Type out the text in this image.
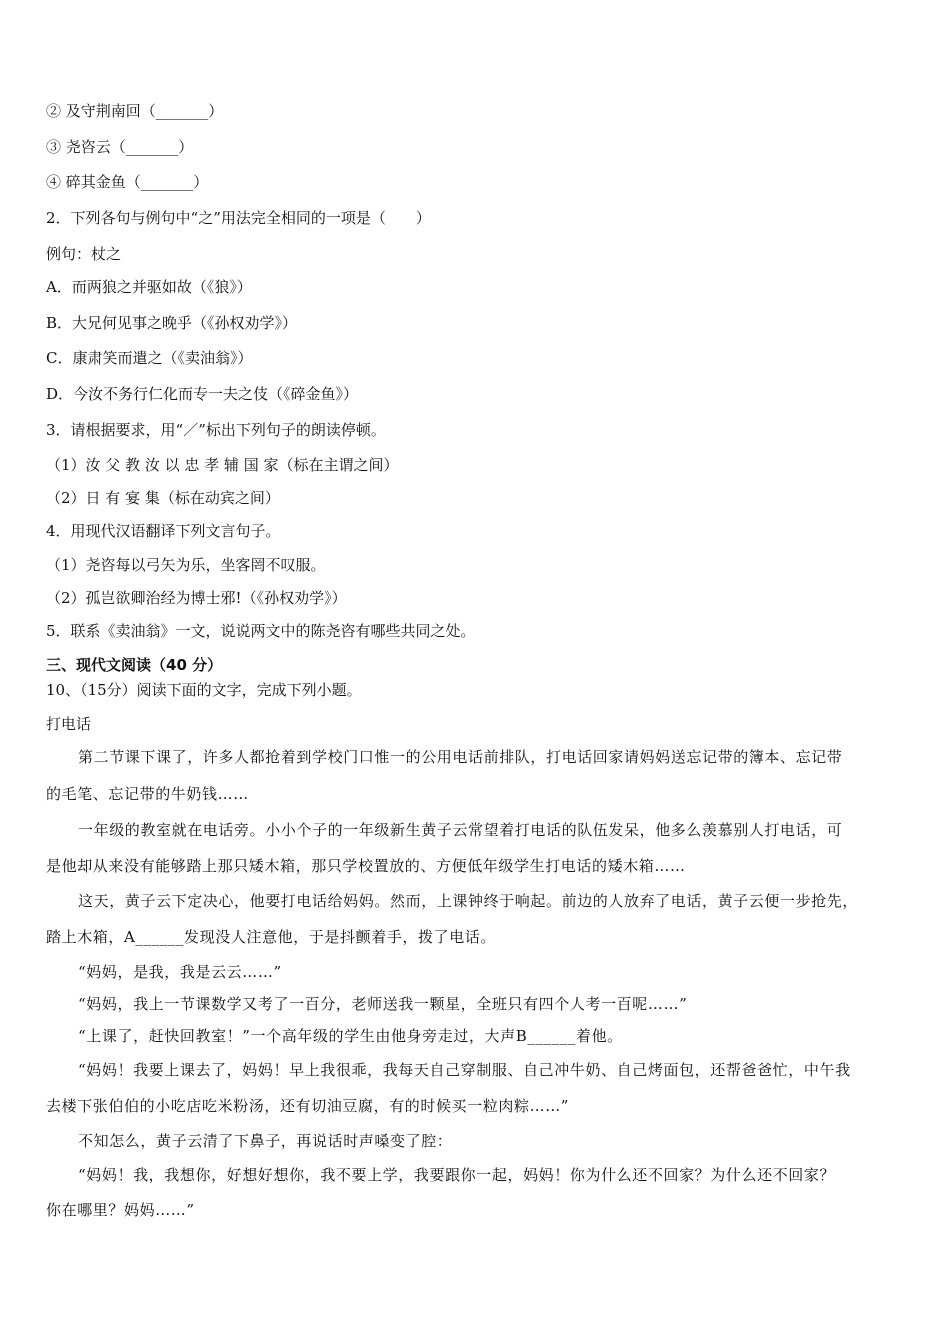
② 及守荆南回（_______）
③ 尧咨云（_______）
④ 碎其金鱼（_______）
2．下列各句与例句中“之”用法完全相同的一项是（　　）
例句：杖之
A．而两狼之并驱如故（《狼》）
B．大兄何见事之晚乎（《孙权劝学》）
C．康肃笑而遣之（《卖油翁》）
D．今汝不务行仁化而专一夫之伎（《碎金鱼》）
3．请根据要求，用“／”标出下列句子的朗读停顿。
（1）汝 父 教 汝 以 忠 孝 辅 国 家（标在主谓之间）
（2）日 有 宴 集（标在动宾之间）
4．用现代汉语翻译下列文言句子。
（1）尧咨每以弓矢为乐，坐客罔不叹服。
（2）孤岂欲卿治经为博士邪!（《孙权劝学》）
5．联系《卖油翁》一文，说说两文中的陈尧咨有哪些共同之处。
三、现代文阅读（40 分）
10、（15分）阅读下面的文字，完成下列小题。
打电话
第二节课下课了，许多人都抢着到学校门口惟一的公用电话前排队，打电话回家请妈妈送忘记带的簿本、忘记带
的毛笔、忘记带的牛奶钱……
一年级的教室就在电话旁。小小个子的一年级新生黄子云常望着打电话的队伍发呆，他多么羡慕别人打电话，可
是他却从来没有能够踏上那只矮木箱，那只学校置放的、方便低年级学生打电话的矮木箱……
这天，黄子云下定决心，他要打电话给妈妈。然而，上课钟终于响起。前边的人放弃了电话，黄子云便一步抢先，
踏上木箱，A______发现没人注意他，于是抖颤着手，拨了电话。
“妈妈，是我，我是云云……”
“妈妈，我上一节课数学又考了一百分，老师送我一颗星，全班只有四个人考一百呢……”
“上课了，赶快回教室！”一个高年级的学生由他身旁走过，大声B______着他。
“妈妈！我要上课去了，妈妈！早上我很乖，我每天自己穿制服、自己冲牛奶、自己烤面包，还帮爸爸忙，中午我
去楼下张伯伯的小吃店吃米粉汤，还有切油豆腐，有的时候买一粒肉粽……”
不知怎么，黄子云清了下鼻子，再说话时声嗓变了腔：
“妈妈！我，我想你，好想好想你，我不要上学，我要跟你一起，妈妈！你为什么还不回家？为什么还不回家？
你在哪里？妈妈……”
